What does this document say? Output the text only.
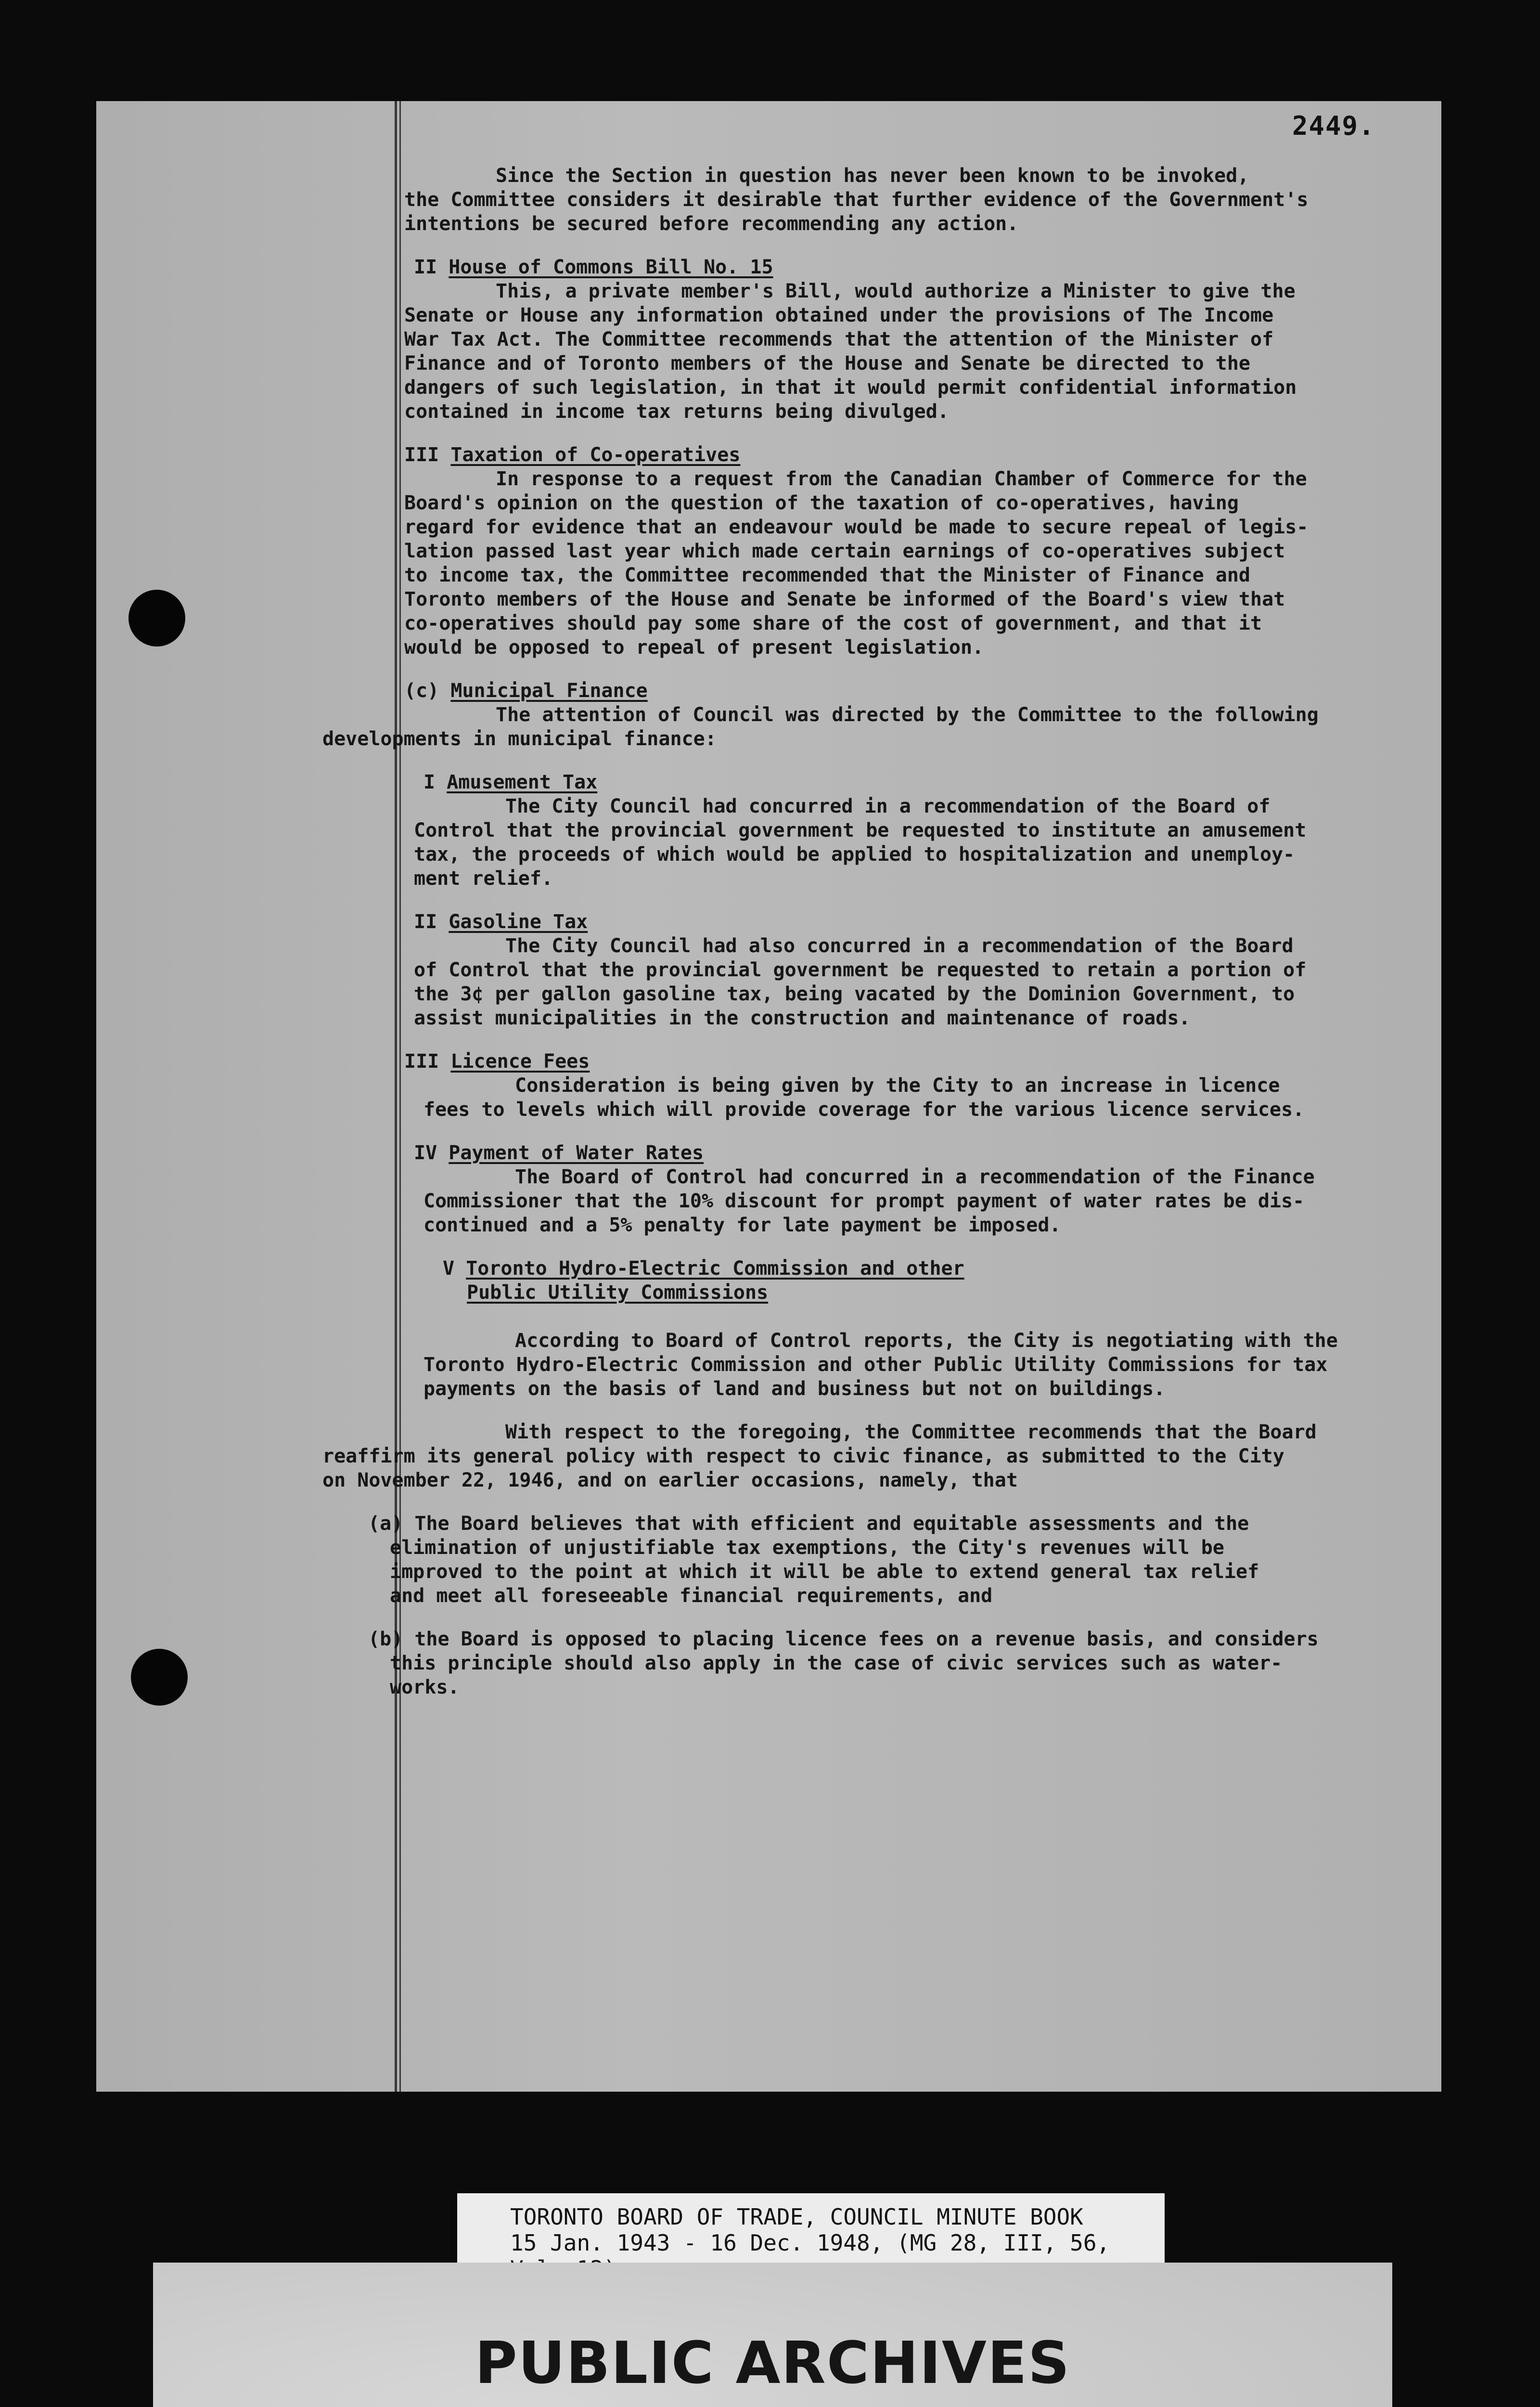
2449.

Since the Section in question has never been known to be invoked,

the Committee considers it desirable that further evidence of the Government's

intentions be secured before recommending any action.

II House of Commons Bill No. 15

This, a private member's Bill, would authorize a Minister to give the

Senate or House any information obtained under the provisions of The Income

War Tax Act. The Committee recommends that the attention of the Minister of

Finance and of Toronto members of the House and Senate be directed to the

dangers of such legislation, in that it would permit confidential information

contained in income tax returns being divulged.

III Taxation of Co-operatives

In response to a request from the Canadian Chamber of Commerce for the

Board's opinion on the question of the taxation of co-operatives, having

regard for evidence that an endeavour would be made to secure repeal of legis-

lation passed last year which made certain earnings of co-operatives subject

to income tax, the Committee recommended that the Minister of Finance and

Toronto members of the House and Senate be informed of the Board's view that

co-operatives should pay some share of the cost of government, and that it

would be opposed to repeal of present legislation.

(c) Municipal Finance

The attention of Council was directed by the Committee to the following

developments in municipal finance:

I Amusement Tax

The City Council had concurred in a recommendation of the Board of

Control that the provincial government be requested to institute an amusement

tax, the proceeds of which would be applied to hospitalization and unemploy-

ment relief.

II Gasoline Tax

The City Council had also concurred in a recommendation of the Board

of Control that the provincial government be requested to retain a portion of

the 3¢ per gallon gasoline tax, being vacated by the Dominion Government, to

assist municipalities in the construction and maintenance of roads.

III Licence Fees

Consideration is being given by the City to an increase in licence

fees to levels which will provide coverage for the various licence services.

IV Payment of Water Rates

The Board of Control had concurred in a recommendation of the Finance

Commissioner that the 10% discount for prompt payment of water rates be dis-

continued and a 5% penalty for late payment be imposed.

V Toronto Hydro-Electric Commission and other

Public Utility Commissions

According to Board of Control reports, the City is negotiating with the

Toronto Hydro-Electric Commission and other Public Utility Commissions for tax

payments on the basis of land and business but not on buildings.

With respect to the foregoing, the Committee recommends that the Board

reaffirm its general policy with respect to civic finance, as submitted to the City

on November 22, 1946, and on earlier occasions, namely, that

(a) The Board believes that with efficient and equitable assessments and the

elimination of unjustifiable tax exemptions, the City's revenues will be

improved to the point at which it will be able to extend general tax relief

and meet all foreseeable financial requirements, and

(b) the Board is opposed to placing licence fees on a revenue basis, and considers

this principle should also apply in the case of civic services such as water-

works.

TORONTO BOARD OF TRADE, COUNCIL MINUTE BOOK
15 Jan. 1943 - 16 Dec. 1948, (MG 28, III, 56,
PUBLIC ARCHIVES
